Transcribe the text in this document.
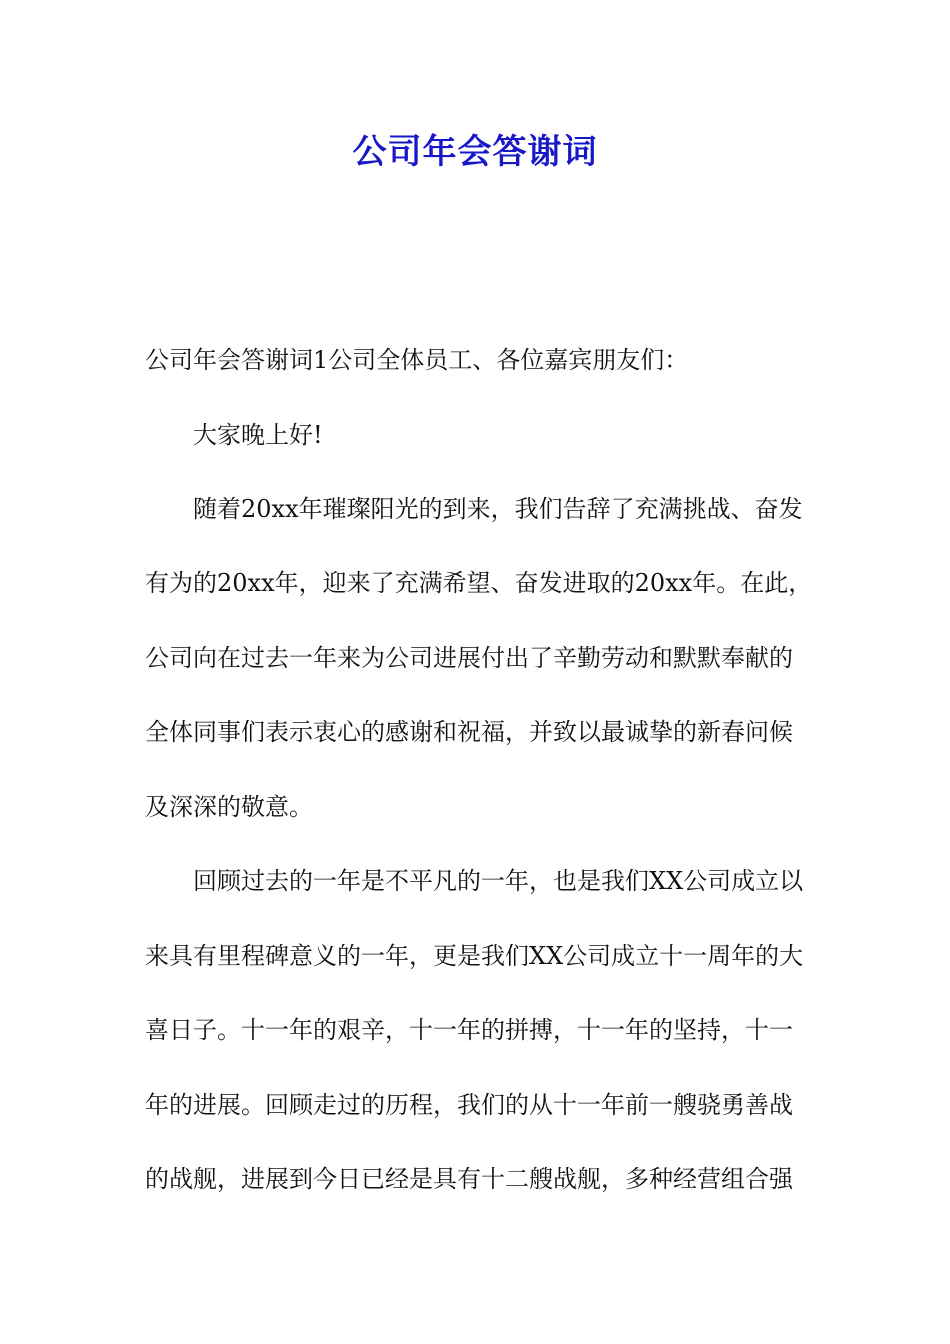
公司年会答谢词

公司年会答谢词1公司全体员工、各位嘉宾朋友们：

大家晚上好!

随着20xx年璀璨阳光的到来，我们告辞了充满挑战、奋发

有为的20xx年，迎来了充满希望、奋发进取的20xx年。在此，

公司向在过去一年来为公司进展付出了辛勤劳动和默默奉献的

全体同事们表示衷心的感谢和祝福，并致以最诚挚的新春问候

及深深的敬意。

回顾过去的一年是不平凡的一年，也是我们XX公司成立以

来具有里程碑意义的一年，更是我们XX公司成立十一周年的大

喜日子。十一年的艰辛，十一年的拼搏，十一年的坚持，十一

年的进展。回顾走过的历程，我们的从十一年前一艘骁勇善战

的战舰，进展到今日已经是具有十二艘战舰，多种经营组合强
